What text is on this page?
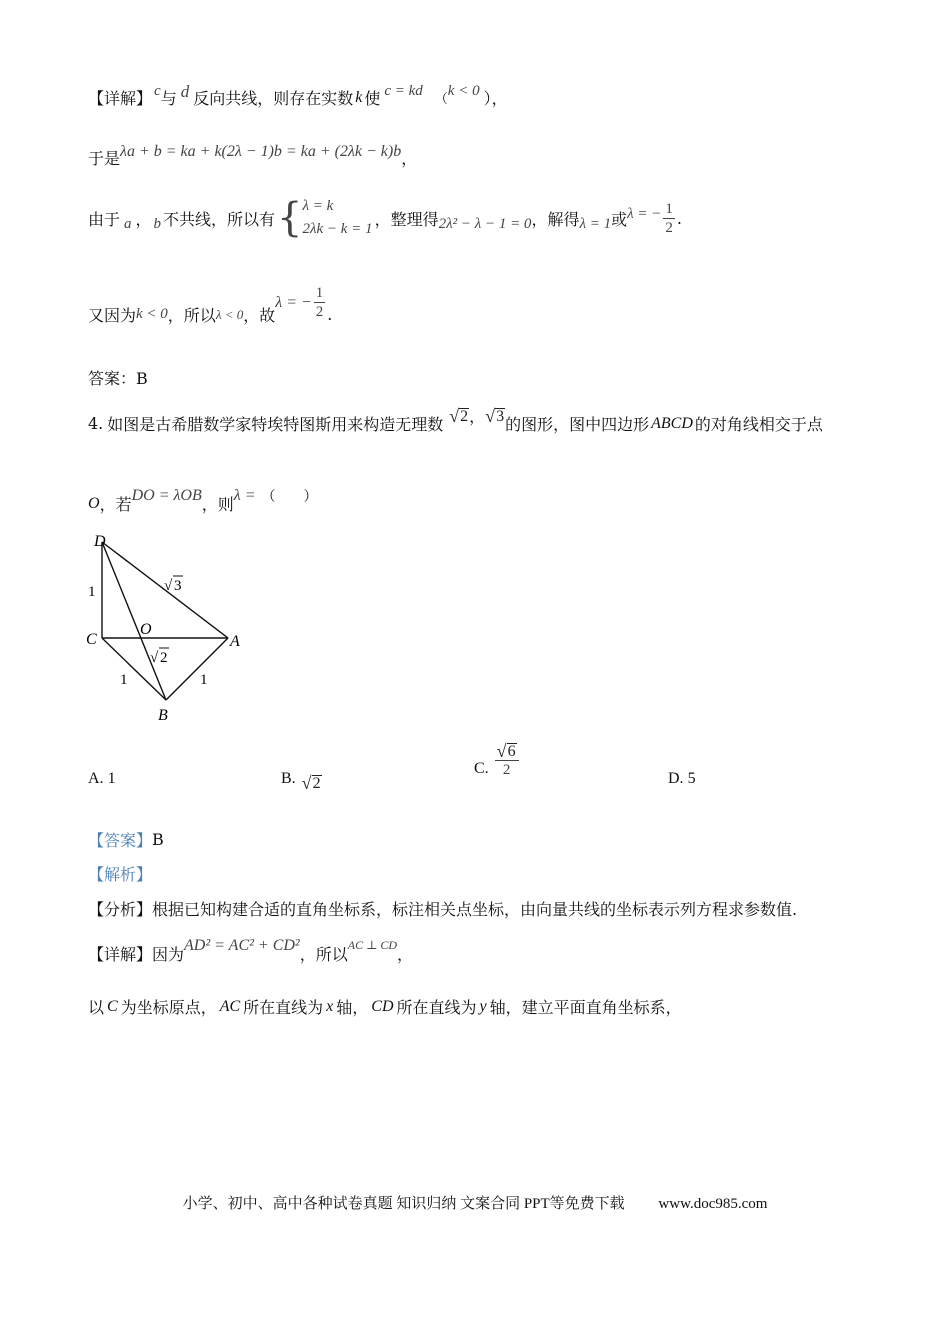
【详解】 c 与 d 反向共线，则存在实数 k 使 c = kd
（
k < 0 ），
于是 λa + b = ka + k(2λ − 1)b = ka + (2λk − k)b ，
由于 a ， b 不共线，所以有 { λ = k
2λk − k = 1
，整理得 2λ² − λ − 1 = 0 ，解得 λ = 1 或 λ = − $\frac{1}{2}$ .
又因为 k < 0 ，所以 λ < 0 ，故
λ = − $\frac{1}{2}$ .
答案：B
4. 如图是古希腊数学家特埃特图斯用来构造无理数 √ 2 ， √ 3 的图形，图中四边形 ABCD 的对角线相交于点
O ，若 DO = λOB ，则 λ = （　　）
D
C
O
A
B
1	√ 3
√ 2
1	1
A. 1	B. √ 2
C. $\frac{√ 6}{2}$	D. 5
【答案】 B
【解析】
【分析】 根据已知构建合适的直角坐标系，标注相关点坐标，由向量共线的坐标表示列方程求参数值.
【详解】 因为 AD² = AC² + CD² ，所以 AC ⊥ CD ，
以 C 为坐标原点， AC 所在直线为 x 轴， CD 所在直线为 y 轴，建立平面直角坐标系，
小学、初中、高中各种试卷真题 知识归纳 文案合同 PPT等免费下载 www.doc985.com
